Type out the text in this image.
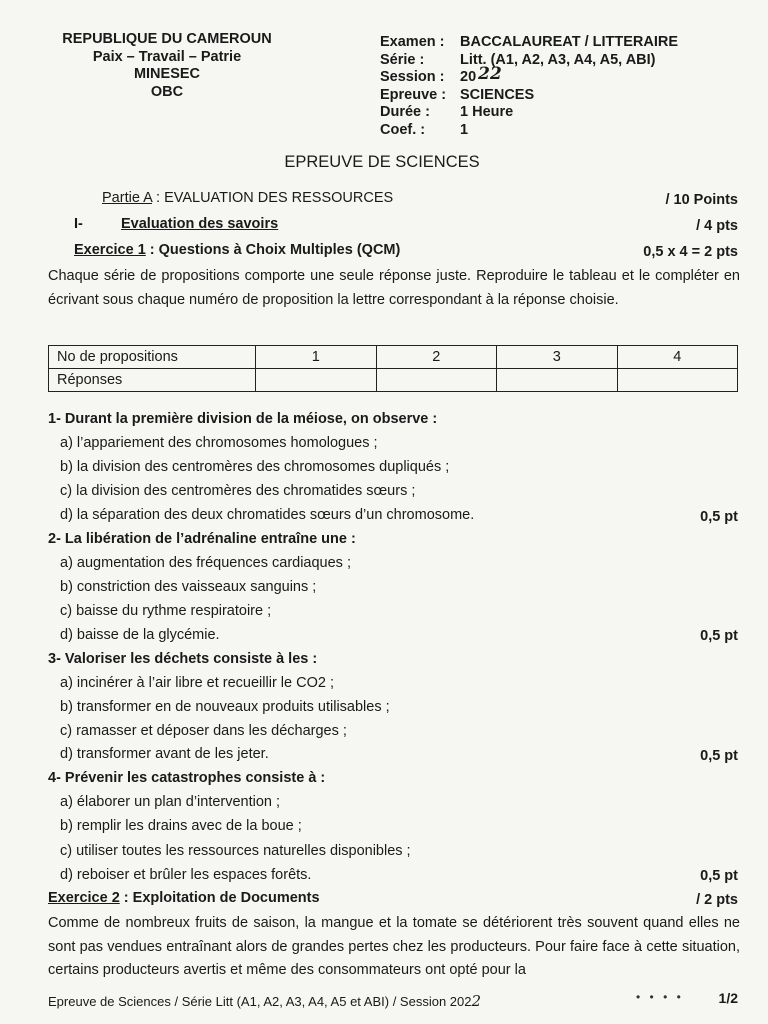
REPUBLIQUE DU CAMEROUN
Paix – Travail – Patrie
MINESEC
OBC
Examen :	BACCALAUREAT / LITTERAIRE
Série :	Litt. (A1, A2, A3, A4, A5, ABI)
Session :	20 22
Epreuve : SCIENCES
Durée :	1 Heure
Coef. :	1
EPREUVE DE SCIENCES
Partie A : EVALUATION DES RESSOURCES	/ 10 Points
I-	Evaluation des savoirs	/ 4 pts
Exercice 1 : Questions à Choix Multiples (QCM)	0,5 x 4 = 2 pts
Chaque série de propositions comporte une seule réponse juste. Reproduire le tableau et le compléter en écrivant sous chaque numéro de proposition la lettre correspondant à la réponse choisie.
No de propositions	1	2	3	4
Réponses				
1- Durant la première division de la méiose, on observe :
a) l’appariement des chromosomes homologues ;
b) la division des centromères des chromosomes dupliqués ;
c) la division des centromères des chromatides sœurs ;
d) la séparation des deux chromatides sœurs d’un chromosome.	0,5 pt
2- La libération de l’adrénaline entraîne une :
a) augmentation des fréquences cardiaques ;
b) constriction des vaisseaux sanguins ;
c) baisse du rythme respiratoire ;
d) baisse de la glycémie.	0,5 pt
3- Valoriser les déchets consiste à les :
a) incinérer à l’air libre et recueillir le CO2 ;
b) transformer en de nouveaux produits utilisables ;
c) ramasser et déposer dans les décharges ;
d) transformer avant de les jeter.	0,5 pt
4- Prévenir les catastrophes consiste à :
a) élaborer un plan d’intervention ;
b) remplir les drains avec de la boue ;
c) utiliser toutes les ressources naturelles disponibles ;
d) reboiser et brûler les espaces forêts.	0,5 pt
Exercice 2 : Exploitation de Documents	/ 2 pts
Comme de nombreux fruits de saison, la mangue et la tomate se détériorent très souvent quand elles ne sont pas vendues entraînant alors de grandes pertes chez les producteurs. Pour faire face à cette situation, certains producteurs avertis et même des consommateurs ont opté pour la
Epreuve de Sciences / Série Litt (A1, A2, A3, A4, A5 et ABI) / Session 2022	• • • • 1/2
